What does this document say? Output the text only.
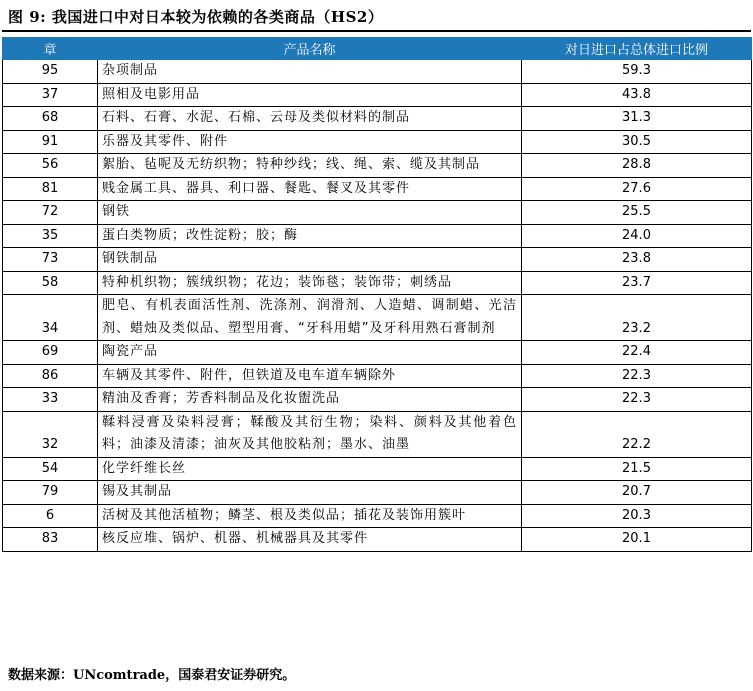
图 9: 我国进口中对日本较为依赖的各类商品（HS2）
章	产品名称	对日进口占总体进口比例
95	杂项制品	59.3
37	照相及电影用品	43.8
68	石料、石膏、水泥、石棉、云母及类似材料的制品	31.3
91	乐器及其零件、附件	30.5
56	絮胎、毡呢及无纺织物；特种纱线；线、绳、索、缆及其制品	28.8
81	贱金属工具、器具、利口器、餐匙、餐叉及其零件	27.6
72	钢铁	25.5
35	蛋白类物质；改性淀粉；胶；酶	24.0
73	钢铁制品	23.8
58	特种机织物；簇绒织物；花边；装饰毯；装饰带；刺绣品	23.7
34	肥皂、有机表面活性剂、洗涤剂、润滑剂、人造蜡、调制蜡、光洁剂、蜡烛及类似品、塑型用膏、“牙科用蜡”及牙科用熟石膏制剂	23.2
69	陶瓷产品	22.4
86	车辆及其零件、附件，但铁道及电车道车辆除外	22.3
33	精油及香膏；芳香料制品及化妆盥洗品	22.3
32	鞣料浸膏及染料浸膏；鞣酸及其衍生物；染料、颜料及其他着色料；油漆及清漆；油灰及其他胶粘剂；墨水、油墨	22.2
54	化学纤维长丝	21.5
79	锡及其制品	20.7
6	活树及其他活植物；鳞茎、根及类似品；插花及装饰用簇叶	20.3
83	核反应堆、锅炉、机器、机械器具及其零件	20.1
数据来源：UNcomtrade，国泰君安证券研究。
